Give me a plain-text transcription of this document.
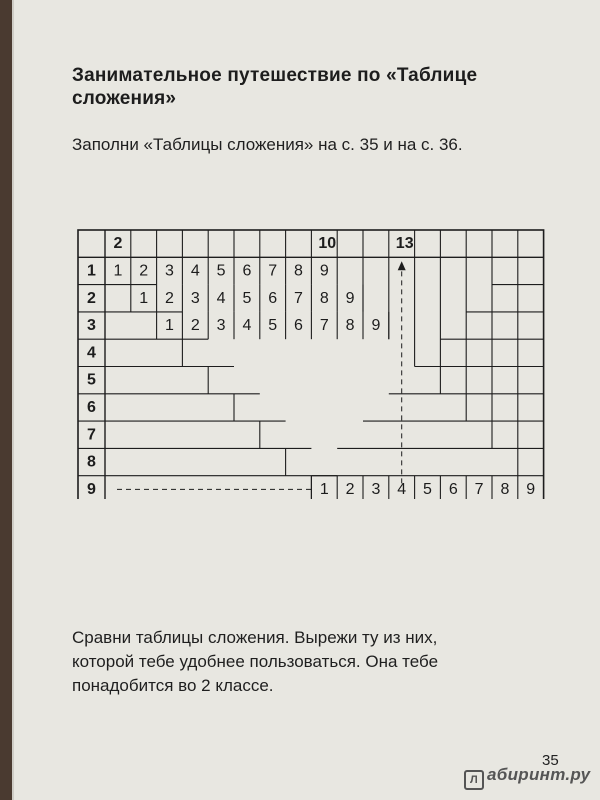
Занимательное путешествие по «Таблице
сложения»
Заполни «Таблицы сложения» на с. 35 и на с. 36.
1
2
3
4
5
6
7
8
9
2	10	13
1 2 3 4 5 6 7 8 9
1 2 3 4 5 6 7 8 9
1 2 3 4 5 6 7 8 9
1 2 3 4 5 6 7 8 9
Сравни таблицы сложения. Вырежи ту из них,
которой тебе удобнее пользоваться. Она тебе
понадобится во 2 классе.
35
Л абиринт.ру
